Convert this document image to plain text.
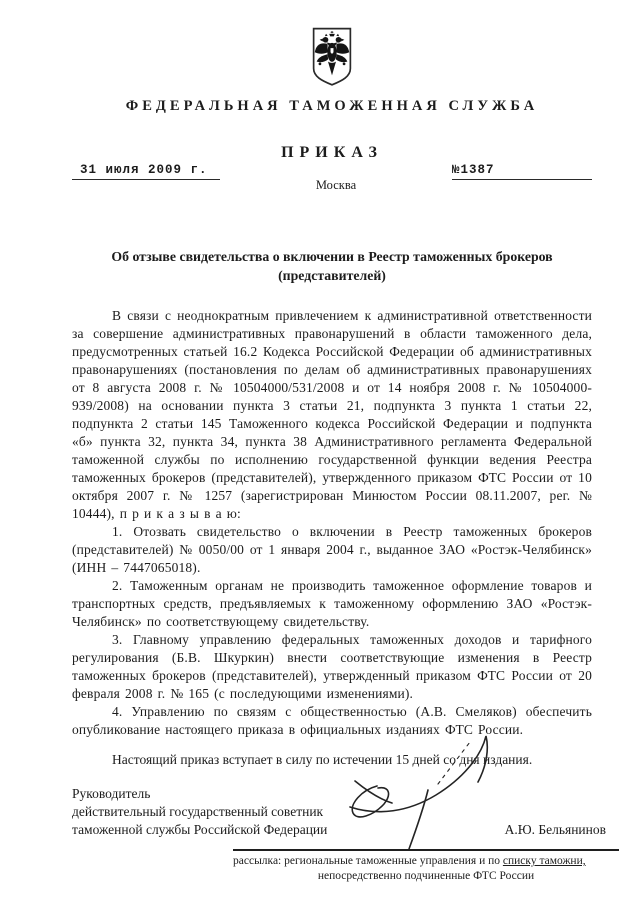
ФЕДЕРАЛЬНАЯ ТАМОЖЕННАЯ СЛУЖБА
ПРИКАЗ
31 июля 2009 г.
Москва
№1387
Об отзыве свидетельства о включении в Реестр таможенных брокеров
(представителей)

В связи с неоднократным привлечением к административной ответственности за совершение административных правонарушений в области таможенного дела, предусмотренных статьей 16.2 Кодекса Российской Федерации об административных правонарушениях (постановления по делам об административных правонарушениях от 8 августа 2008 г. № 10504000/531/2008 и от 14 ноября 2008 г. № 10504000-939/2008) на основании пункта 3 статьи 21, подпункта 3 пункта 1 статьи 22, подпункта 2 статьи 145 Таможенного кодекса Российской Федерации и подпункта «б» пункта 32, пункта 34, пункта 38 Административного регламента Федеральной таможенной службы по исполнению государственной функции ведения Реестра таможенных брокеров (представителей), утвержденного приказом ФТС России от 10 октября 2007 г. № 1257 (зарегистрирован Минюстом России 08.11.2007, рег. № 10444), п р и к а з ы в а ю:

1. Отозвать свидетельство о включении в Реестр таможенных брокеров (представителей) № 0050/00 от 1 января 2004 г., выданное ЗАО «Ростэк-Челябинск» (ИНН – 7447065018).

2. Таможенным органам не производить таможенное оформление товаров и транспортных средств, предъявляемых к таможенному оформлению ЗАО «Ростэк-Челябинск» по соответствующему свидетельству.

3. Главному управлению федеральных таможенных доходов и тарифного регулирования (Б.В. Шкуркин) внести соответствующие изменения в Реестр таможенных брокеров (представителей), утвержденный приказом ФТС России от 20 февраля 2008 г. № 165 (с последующими изменениями).

4. Управлению по связям с общественностью (А.В. Смеляков) обеспечить опубликование настоящего приказа в официальных изданиях ФТС России.

Настоящий приказ вступает в силу по истечении 15 дней со дня издания.
Руководитель
действительный государственный советник
таможенной службы Российской Федерации	А.Ю. Бельянинов
рассылка: региональные таможенные управления и по списку таможни,
непосредственно подчиненные ФТС России
